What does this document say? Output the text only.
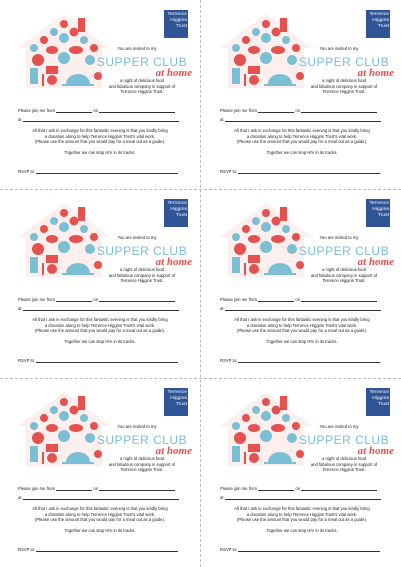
Terrence
Higgins
Trust
You are invited to my
SUPPER CLUB
at home
a night of delicious food
and fabulous company in support of
Terrence Higgins Trust.
Please join me from	on
at
All that I ask in exchange for this fantastic evening is that you kindly bring
a donation along to help Terrence Higgins Trust's vital work.
(Please use the amount that you would pay for a meal out as a guide).
Together we can stop HIV in its tracks.
RSVP to:
Terrence
Higgins
Trust
You are invited to my
SUPPER CLUB
at home
a night of delicious food
and fabulous company in support of
Terrence Higgins Trust.
Please join me from	on
at
All that I ask in exchange for this fantastic evening is that you kindly bring
a donation along to help Terrence Higgins Trust's vital work.
(Please use the amount that you would pay for a meal out as a guide).
Together we can stop HIV in its tracks.
RSVP to:
Terrence
Higgins
Trust
You are invited to my
SUPPER CLUB
at home
a night of delicious food
and fabulous company in support of
Terrence Higgins Trust.
Please join me from	on
at
All that I ask in exchange for this fantastic evening is that you kindly bring
a donation along to help Terrence Higgins Trust's vital work.
(Please use the amount that you would pay for a meal out as a guide).
Together we can stop HIV in its tracks.
RSVP to:
Terrence
Higgins
Trust
You are invited to my
SUPPER CLUB
at home
a night of delicious food
and fabulous company in support of
Terrence Higgins Trust.
Please join me from	on
at
All that I ask in exchange for this fantastic evening is that you kindly bring
a donation along to help Terrence Higgins Trust's vital work.
(Please use the amount that you would pay for a meal out as a guide).
Together we can stop HIV in its tracks.
RSVP to:
Terrence
Higgins
Trust
You are invited to my
SUPPER CLUB
at home
a night of delicious food
and fabulous company in support of
Terrence Higgins Trust.
Please join me from	on
at
All that I ask in exchange for this fantastic evening is that you kindly bring
a donation along to help Terrence Higgins Trust's vital work.
(Please use the amount that you would pay for a meal out as a guide).
Together we can stop HIV in its tracks.
RSVP to:
Terrence
Higgins
Trust
You are invited to my
SUPPER CLUB
at home
a night of delicious food
and fabulous company in support of
Terrence Higgins Trust.
Please join me from	on
at
All that I ask in exchange for this fantastic evening is that you kindly bring
a donation along to help Terrence Higgins Trust's vital work.
(Please use the amount that you would pay for a meal out as a guide).
Together we can stop HIV in its tracks.
RSVP to:
